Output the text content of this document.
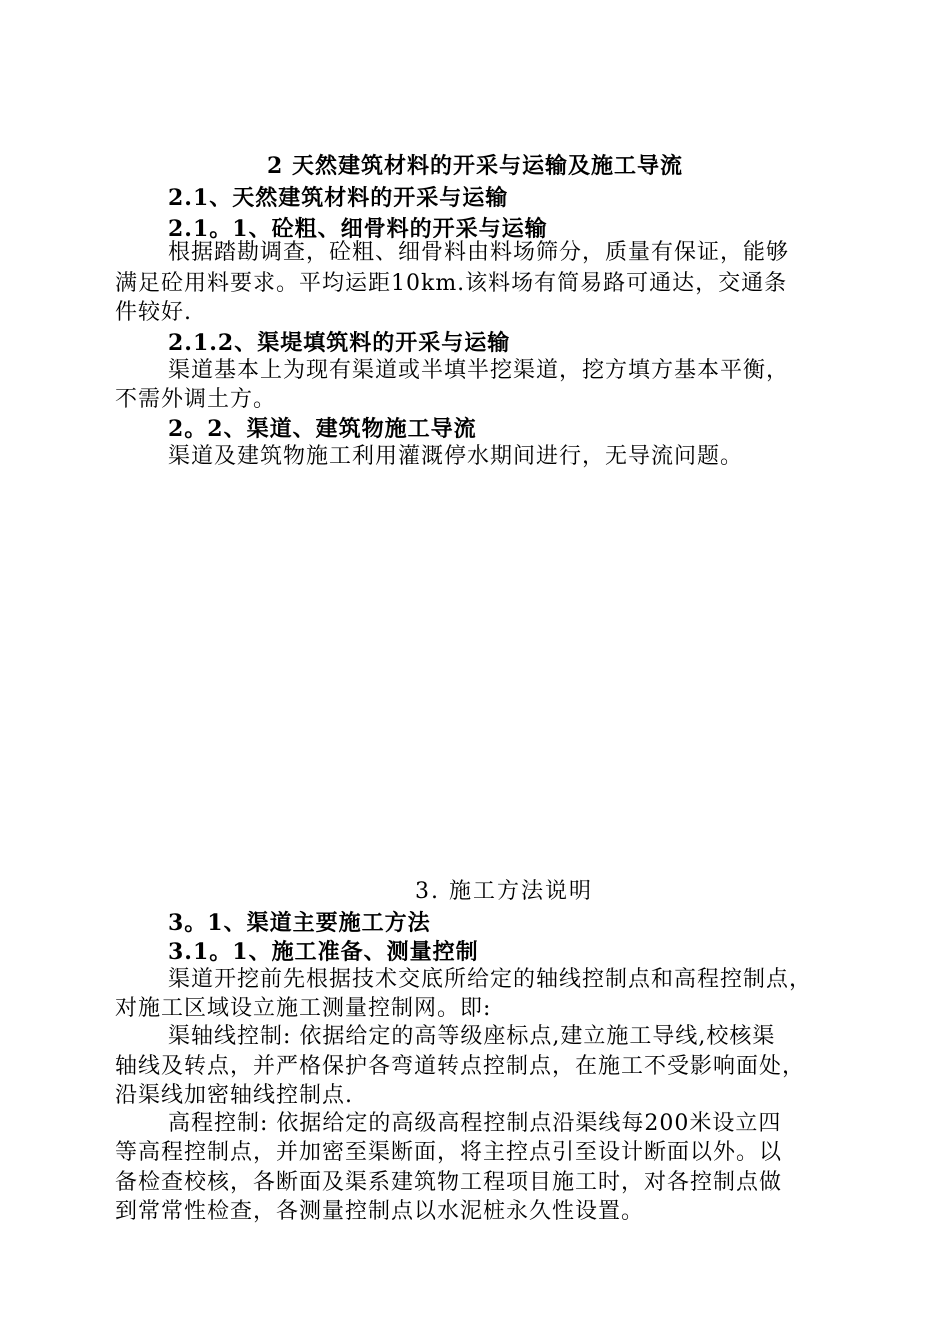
2 天然建筑材料的开采与运输及施工导流
2.1、天然建筑材料的开采与运输
2.1。1、砼粗、细骨料的开采与运输
根据踏勘调查，砼粗、细骨料由料场筛分，质量有保证，能够
满足砼用料要求。平均运距10km.该料场有简易路可通达，交通条
件较好.
2.1.2、渠堤填筑料的开采与运输
渠道基本上为现有渠道或半填半挖渠道，挖方填方基本平衡，
不需外调土方。
2。2、渠道、建筑物施工导流
渠道及建筑物施工利用灌溉停水期间进行，无导流问题。
3. 施工方法说明
3。1、渠道主要施工方法
3.1。1、施工准备、测量控制
渠道开挖前先根据技术交底所给定的轴线控制点和高程控制点，
对施工区域设立施工测量控制网。即:
渠轴线控制: 依据给定的高等级座标点,建立施工导线,校核渠
轴线及转点，并严格保护各弯道转点控制点，在施工不受影响面处，
沿渠线加密轴线控制点.
高程控制: 依据给定的高级高程控制点沿渠线每200米设立四
等高程控制点，并加密至渠断面，将主控点引至设计断面以外。以
备检查校核，各断面及渠系建筑物工程项目施工时，对各控制点做
到常常性检查，各测量控制点以水泥桩永久性设置。
